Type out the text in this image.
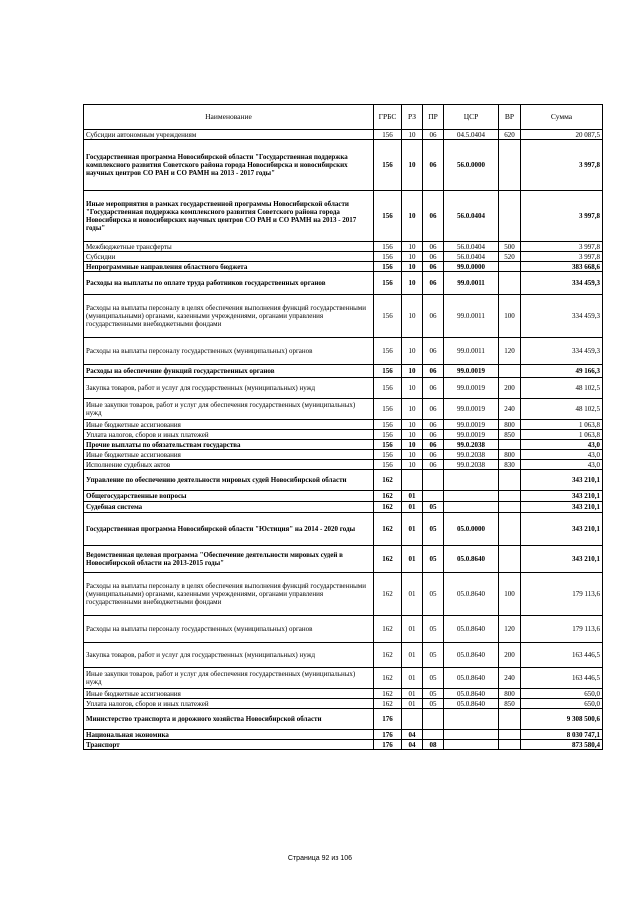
Наименование	ГРБС	РЗ	ПР	ЦСР	ВР	Сумма
Субсидии автономным учреждениям	156	10	06	04.5.0404	620	20 087,5
Государственная программа Новосибирской области "Государственная поддержка комплексного развития Советского района города Новосибирска и новосибирских научных центров СО РАН и СО РАМН на 2013 - 2017 годы"	156	10	06	56.0.0000		3 997,8
Иные мероприятия в рамках государственной программы Новосибирской области "Государственная поддержка комплексного развития Советского района города Новосибирска и новосибирских научных центров СО РАН и СО РАМН на 2013 - 2017 годы"	156	10	06	56.0.0404		3 997,8
Межбюджетные трансферты	156	10	06	56.0.0404	500	3 997,8
Субсидии	156	10	06	56.0.0404	520	3 997,8
Непрограммные направления областного бюджета	156	10	06	99.0.0000		383 668,6
Расходы на выплаты по оплате труда работников государственных органов	156	10	06	99.0.0011		334 459,3
Расходы на выплаты персоналу в целях обеспечения выполнения функций государственными (муниципальными) органами, казенными учреждениями, органами управления государственными внебюджетными фондами	156	10	06	99.0.0011	100	334 459,3
Расходы на выплаты персоналу государственных (муниципальных) органов	156	10	06	99.0.0011	120	334 459,3
Расходы на обеспечение функций государственных органов	156	10	06	99.0.0019		49 166,3
Закупка товаров, работ и услуг для государственных (муниципальных) нужд	156	10	06	99.0.0019	200	48 102,5
Иные закупки товаров, работ и услуг для обеспечения государственных (муниципальных) нужд	156	10	06	99.0.0019	240	48 102,5
Иные бюджетные ассигнования	156	10	06	99.0.0019	800	1 063,8
Уплата налогов, сборов и иных платежей	156	10	06	99.0.0019	850	1 063,8
Прочие выплаты по обязательствам государства	156	10	06	99.0.2038		43,0
Иные бюджетные ассигнования	156	10	06	99.0.2038	800	43,0
Исполнение судебных актов	156	10	06	99.0.2038	830	43,0
Управление по обеспечению деятельности мировых судей Новосибирской области	162					343 210,1
Общегосударственные вопросы	162	01				343 210,1
Судебная система	162	01	05			343 210,1
Государственная программа Новосибирской области "Юстиция" на 2014 - 2020 годы	162	01	05	05.0.0000		343 210,1
Ведомственная целевая программа "Обеспечение деятельности мировых судей в Новосибирской области на 2013-2015 годы"	162	01	05	05.0.8640		343 210,1
Расходы на выплаты персоналу в целях обеспечения выполнения функций государственными (муниципальными) органами, казенными учреждениями, органами управления государственными внебюджетными фондами	162	01	05	05.0.8640	100	179 113,6
Расходы на выплаты персоналу государственных (муниципальных) органов	162	01	05	05.0.8640	120	179 113,6
Закупка товаров, работ и услуг для государственных (муниципальных) нужд	162	01	05	05.0.8640	200	163 446,5
Иные закупки товаров, работ и услуг для обеспечения государственных (муниципальных) нужд	162	01	05	05.0.8640	240	163 446,5
Иные бюджетные ассигнования	162	01	05	05.0.8640	800	650,0
Уплата налогов, сборов и иных платежей	162	01	05	05.0.8640	850	650,0
Министерство транспорта и дорожного хозяйства Новосибирской области	176					9 308 500,6
Национальная экономика	176	04				8 030 747,1
Транспорт	176	04	08			873 580,4
Страница 92 из 106
